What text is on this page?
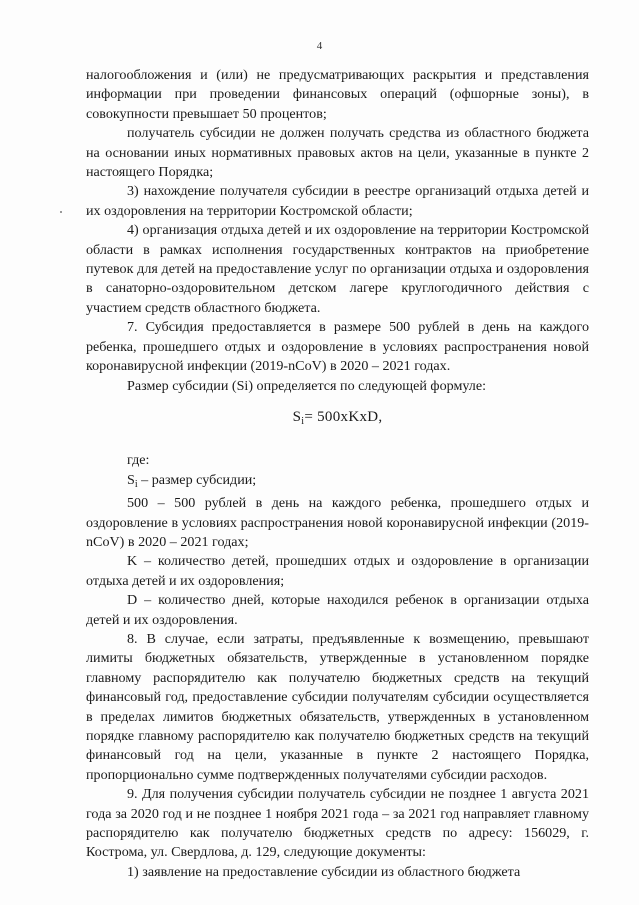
4

налогообложения и (или) не предусматривающих раскрытия и представления информации при проведении финансовых операций (офшорные зоны), в совокупности превышает 50 процентов;

получатель субсидии не должен получать средства из областного бюджета на основании иных нормативных правовых актов на цели, указанные в пункте 2 настоящего Порядка;

3) нахождение получателя субсидии в реестре организаций отдыха детей и их оздоровления на территории Костромской области;

4) организация отдыха детей и их оздоровление на территории Костромской области в рамках исполнения государственных контрактов на приобретение путевок для детей на предоставление услуг по организации отдыха и оздоровления в санаторно-оздоровительном детском лагере круглогодичного действия с участием средств областного бюджета.

7. Субсидия предоставляется в размере 500 рублей в день на каждого ребенка, прошедшего отдых и оздоровление в условиях распространения новой коронавирусной инфекции (2019-nCoV) в 2020 – 2021 годах.

Размер субсидии (Si) определяется по следующей формуле:

$S_i=$ 500xKxD,

где:

$S_i$ – размер субсидии;

500 – 500 рублей в день на каждого ребенка, прошедшего отдых и оздоровление в условиях распространения новой коронавирусной инфекции (2019-nCoV) в 2020 – 2021 годах;

K – количество детей, прошедших отдых и оздоровление в организации отдыха детей и их оздоровления;

D – количество дней, которые находился ребенок в организации отдыха детей и их оздоровления.

8. В случае, если затраты, предъявленные к возмещению, превышают лимиты бюджетных обязательств, утвержденные в установленном порядке главному распорядителю как получателю бюджетных средств на текущий финансовый год, предоставление субсидии получателям субсидии осуществляется в пределах лимитов бюджетных обязательств, утвержденных в установленном порядке главному распорядителю как получателю бюджетных средств на текущий финансовый год на цели, указанные в пункте 2 настоящего Порядка, пропорционально сумме подтвержденных получателями субсидии расходов.

9. Для получения субсидии получатель субсидии не позднее 1 августа 2021 года за 2020 год и не позднее 1 ноября 2021 года – за 2021 год направляет главному распорядителю как получателю бюджетных средств по адресу: 156029, г. Кострома, ул. Свердлова, д. 129, следующие документы:

1) заявление на предоставление субсидии из областного бюджета
